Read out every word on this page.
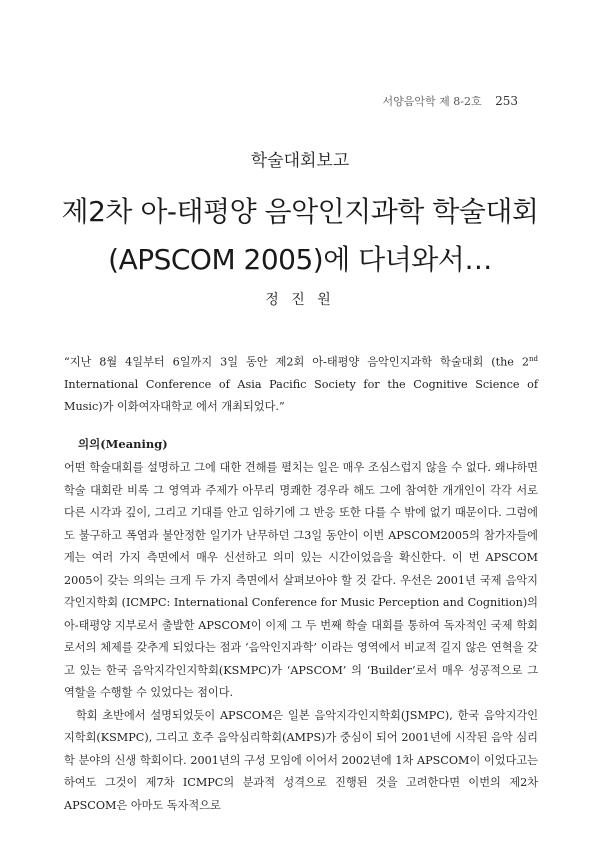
서양음악학 제 8-2호 253
학술대회보고
제2차 아-태평양 음악인지과학 학술대회
(APSCOM 2005)에 다녀와서…
정 진 원

“지난 8월 4일부터 6일까지 3일 동안 제2회 아-태평양 음악인지과학 학술대회 (the 2nd International Conference of Asia Pacific Society for the Cognitive Science of Music)가 이화여자대학교 에서 개최되었다.”

의의(Meaning)

어떤 학술대회를 설명하고 그에 대한 견해를 펼치는 일은 매우 조심스럽지 않을 수 없다. 왜냐하면 학술 대회란 비록 그 영역과 주제가 아무리 명쾌한 경우라 해도 그에 참여한 개개인이 각각 서로 다른 시각과 깊이, 그리고 기대를 안고 임하기에 그 반응 또한 다를 수 밖에 없기 때문이다. 그럼에도 불구하고 폭염과 불안정한 일기가 난무하던 그3일 동안이 이번 APSCOM2005의 참가자들에게는 여러 가지 측면에서 매우 신선하고 의미 있는 시간이었음을 확신한다. 이 번 APSCOM 2005이 갖는 의의는 크게 두 가지 측면에서 살펴보아야 할 것 같다. 우선은 2001년 국제 음악지각인지학회 (ICMPC: International Conference for Music Perception and Cognition)의 아-태평양 지부로서 출발한 APSCOM이 이제 그 두 번째 학술 대회를 통하여 독자적인 국제 학회로서의 체제를 갖추게 되었다는 점과 ‘음악인지과학’ 이라는 영역에서 비교적 길지 않은 연혁을 갖고 있는 한국 음악지각인지학회(KSMPC)가 ‘APSCOM’ 의 ‘Builder’로서 매우 성공적으로 그 역할을 수행할 수 있었다는 점이다.

학회 초반에서 설명되었듯이 APSCOM은 일본 음악지각인지학회(JSMPC), 한국 음악지각인지학회(KSMPC), 그리고 호주 음악심리학회(AMPS)가 중심이 되어 2001년에 시작된 음악 심리학 분야의 신생 학회이다. 2001년의 구성 모임에 이어서 2002년에 1차 APSCOM이 이었다고는 하여도 그것이 제7차 ICMPC의 분과적 성격으로 진행된 것을 고려한다면 이번의 제2차 APSCOM은 아마도 독자적으로
